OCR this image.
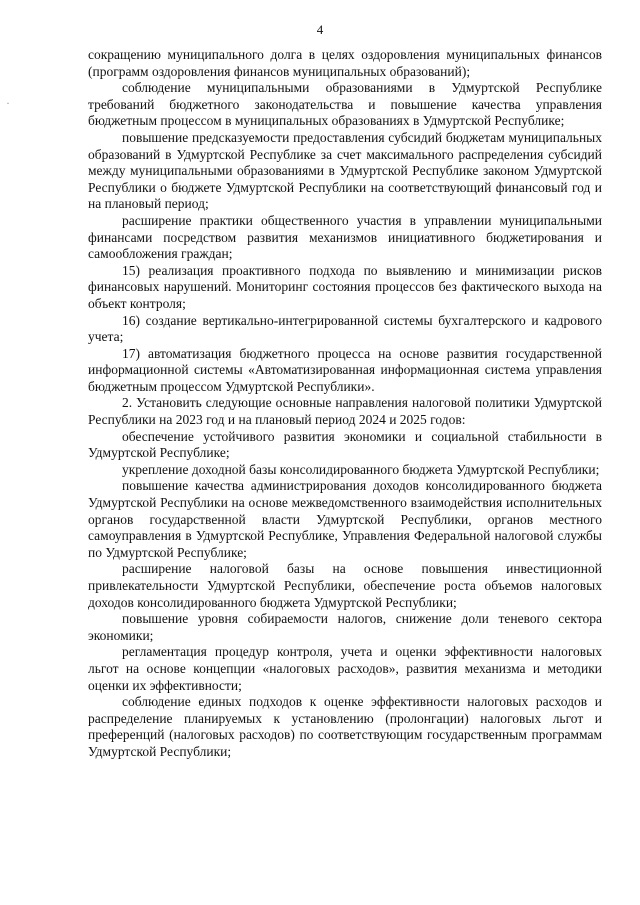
4
·

сокращению муниципального долга в целях оздоровления муниципальных финансов (программ оздоровления финансов муниципальных образований);

соблюдение муниципальными образованиями в Удмуртской Республике требований бюджетного законодательства и повышение качества управления бюджетным процессом в муниципальных образованиях в Удмуртской Республике;

повышение предсказуемости предоставления субсидий бюджетам муниципальных образований в Удмуртской Республике за счет максимального распределения субсидий между муниципальными образованиями в Удмуртской Республике законом Удмуртской Республики о бюджете Удмуртской Республики на соответствующий финансовый год и на плановый период;

расширение практики общественного участия в управлении муниципальными финансами посредством развития механизмов инициативного бюджетирования и самообложения граждан;

15) реализация проактивного подхода по выявлению и минимизации рисков финансовых нарушений. Мониторинг состояния процессов без фактического выхода на объект контроля;

16) создание вертикально-интегрированной системы бухгалтерского и кадрового учета;

17) автоматизация бюджетного процесса на основе развития государственной информационной системы «Автоматизированная информационная система управления бюджетным процессом Удмуртской Республики».

2. Установить следующие основные направления налоговой политики Удмуртской Республики на 2023 год и на плановый период 2024 и 2025 годов:

обеспечение устойчивого развития экономики и социальной стабильности в Удмуртской Республике;

укрепление доходной базы консолидированного бюджета Удмуртской Республики;

повышение качества администрирования доходов консолидированного бюджета Удмуртской Республики на основе межведомственного взаимодействия исполнительных органов государственной власти Удмуртской Республики, органов местного самоуправления в Удмуртской Республике, Управления Федеральной налоговой службы по Удмуртской Республике;

расширение налоговой базы на основе повышения инвестиционной привлекательности Удмуртской Республики, обеспечение роста объемов налоговых доходов консолидированного бюджета Удмуртской Республики;

повышение уровня собираемости налогов, снижение доли теневого сектора экономики;

регламентация процедур контроля, учета и оценки эффективности налоговых льгот на основе концепции «налоговых расходов», развития механизма и методики оценки их эффективности;

соблюдение единых подходов к оценке эффективности налоговых расходов и распределение планируемых к установлению (пролонгации) налоговых льгот и преференций (налоговых расходов) по соответствующим государственным программам Удмуртской Республики;
